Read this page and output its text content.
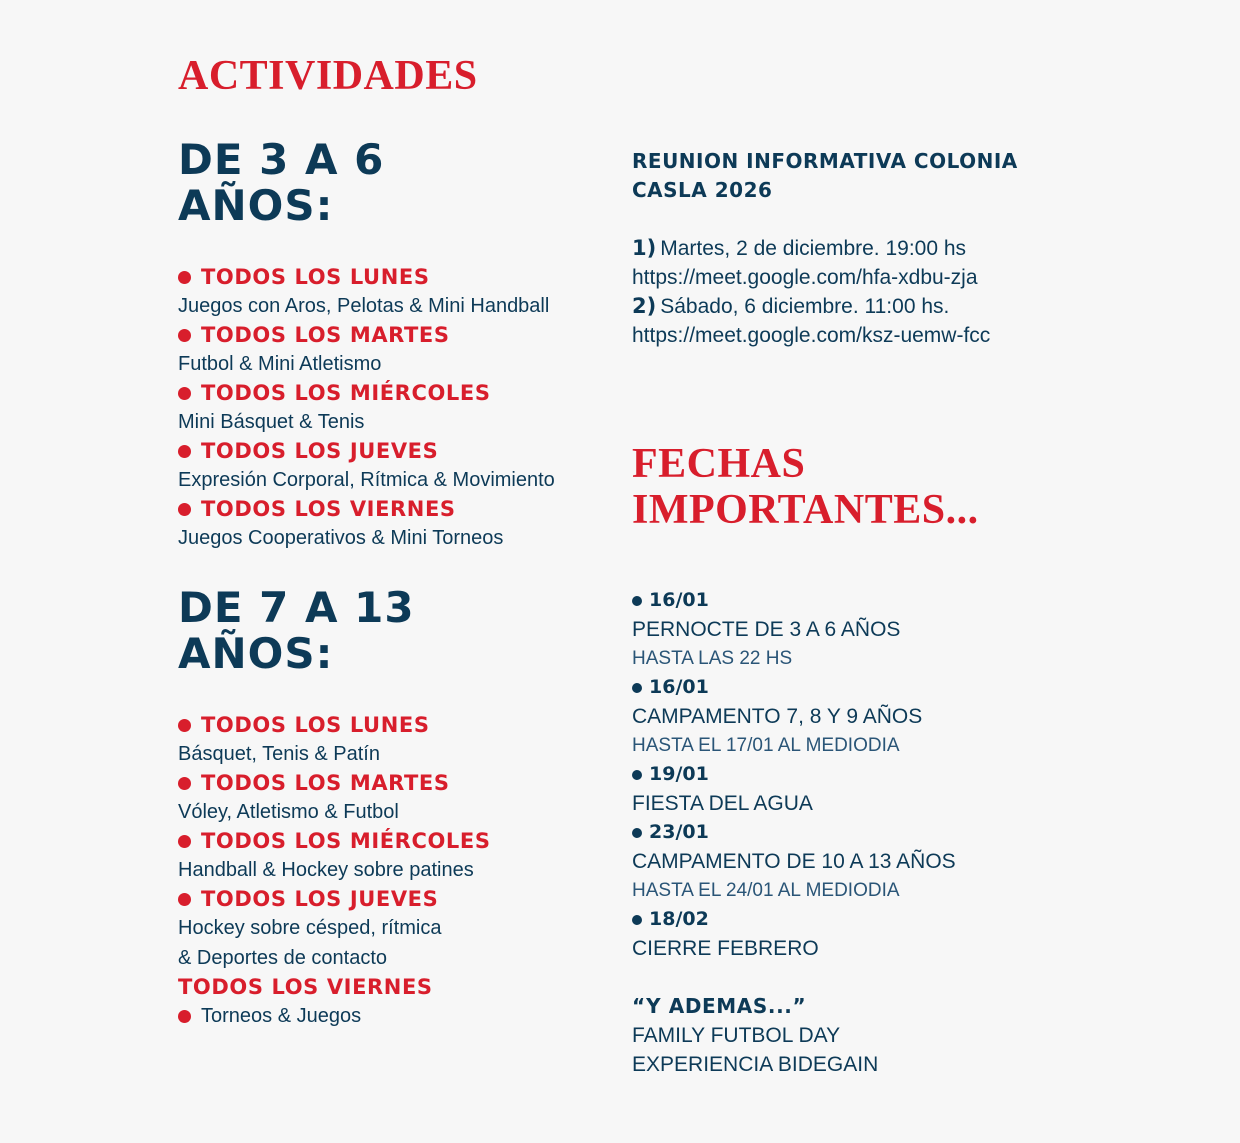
ACTIVIDADES
DE 3 A 6
AÑOS:
TODOS LOS LUNES
Juegos con Aros, Pelotas & Mini Handball
TODOS LOS MARTES
Futbol & Mini Atletismo
TODOS LOS MIÉRCOLES
Mini Básquet & Tenis
TODOS LOS JUEVES
Expresión Corporal, Rítmica & Movimiento
TODOS LOS VIERNES
Juegos Cooperativos & Mini Torneos
DE 7 A 13
AÑOS:
TODOS LOS LUNES
Básquet, Tenis & Patín
TODOS LOS MARTES
Vóley, Atletismo & Futbol
TODOS LOS MIÉRCOLES
Handball & Hockey sobre patines
TODOS LOS JUEVES
Hockey sobre césped, rítmica
& Deportes de contacto
TODOS LOS VIERNES
Torneos & Juegos
REUNION INFORMATIVA COLONIA
CASLA 2026
1) Martes, 2 de diciembre. 19:00 hs
https://meet.google.com/hfa-xdbu-zja
2) Sábado, 6 diciembre. 11:00 hs.
https://meet.google.com/ksz-uemw-fcc
FECHAS
IMPORTANTES...
16/01
PERNOCTE DE 3 A 6 AÑOS
HASTA LAS 22 HS
16/01
CAMPAMENTO 7, 8 Y 9 AÑOS
HASTA EL 17/01 AL MEDIODIA
19/01
FIESTA DEL AGUA
23/01
CAMPAMENTO DE 10 A 13 AÑOS
HASTA EL 24/01 AL MEDIODIA
18/02
CIERRE FEBRERO
“Y ADEMAS...”
FAMILY FUTBOL DAY
EXPERIENCIA BIDEGAIN
